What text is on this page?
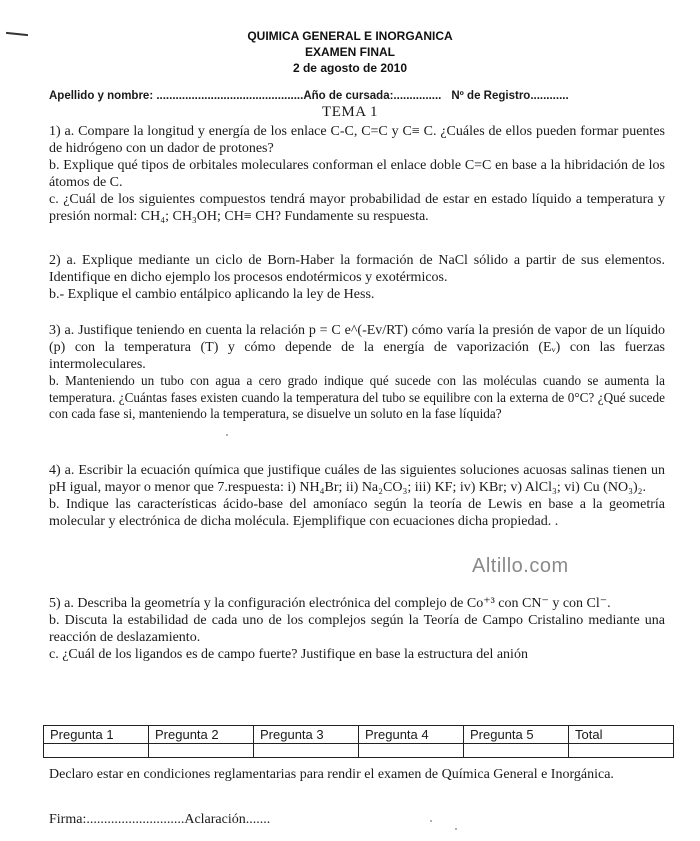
QUIMICA GENERAL E INORGANICA
EXAMEN FINAL
2 de agosto de 2010
Apellido y nombre: .............................................. Año de cursada:............... Nº de Registro............
TEMA 1

1) a. Compare la longitud y energía de los enlace C-C, C=C y C≡ C. ¿Cuáles de ellos pueden formar puentes de hidrógeno con un dador de protones?

b. Explique qué tipos de orbitales moleculares conforman el enlace doble C=C en base a la hibridación de los átomos de C.

c. ¿Cuál de los siguientes compuestos tendrá mayor probabilidad de estar en estado líquido a temperatura y presión normal: CH₄; CH₃OH; CH≡ CH? Fundamente su respuesta.

2) a. Explique mediante un ciclo de Born-Haber la formación de NaCl sólido a partir de sus elementos. Identifique en dicho ejemplo los procesos endotérmicos y exotérmicos.

b.- Explique el cambio entálpico aplicando la ley de Hess.

3) a. Justifique teniendo en cuenta la relación p = C e^(-Ev/RT) cómo varía la presión de vapor de un líquido (p) con la temperatura (T) y cómo depende de la energía de vaporización (Eᵥ) con las fuerzas intermoleculares.

b. Manteniendo un tubo con agua a cero grado indique qué sucede con las moléculas cuando se aumenta la temperatura. ¿Cuántas fases existen cuando la temperatura del tubo se equilibre con la externa de 0°C? ¿Qué sucede con cada fase si, manteniendo la temperatura, se disuelve un soluto en la fase líquida?

4) a. Escribir la ecuación química que justifique cuáles de las siguientes soluciones acuosas salinas tienen un pH igual, mayor o menor que 7.respuesta: i) NH₄Br; ii) Na₂CO₃; iii) KF; iv) KBr; v) AlCl₃; vi) Cu (NO₃)₂.

b. Indique las características ácido-base del amoníaco según la teoría de Lewis en base a la geometría molecular y electrónica de dicha molécula. Ejemplifique con ecuaciones dicha propiedad. .

Altillo.com

5) a. Describa la geometría y la configuración electrónica del complejo de Co⁺³ con CN⁻ y con Cl⁻.

b. Discuta la estabilidad de cada uno de los complejos según la Teoría de Campo Cristalino mediante una reacción de deslazamiento.

c. ¿Cuál de los ligandos es de campo fuerte? Justifique en base la estructura del anión

Pregunta 1	Pregunta 2	Pregunta 3	Pregunta 4	Pregunta 5	Total

Declaro estar en condiciones reglamentarias para rendir el examen de Química General e Inorgánica.
Firma:............................Aclaración.......
